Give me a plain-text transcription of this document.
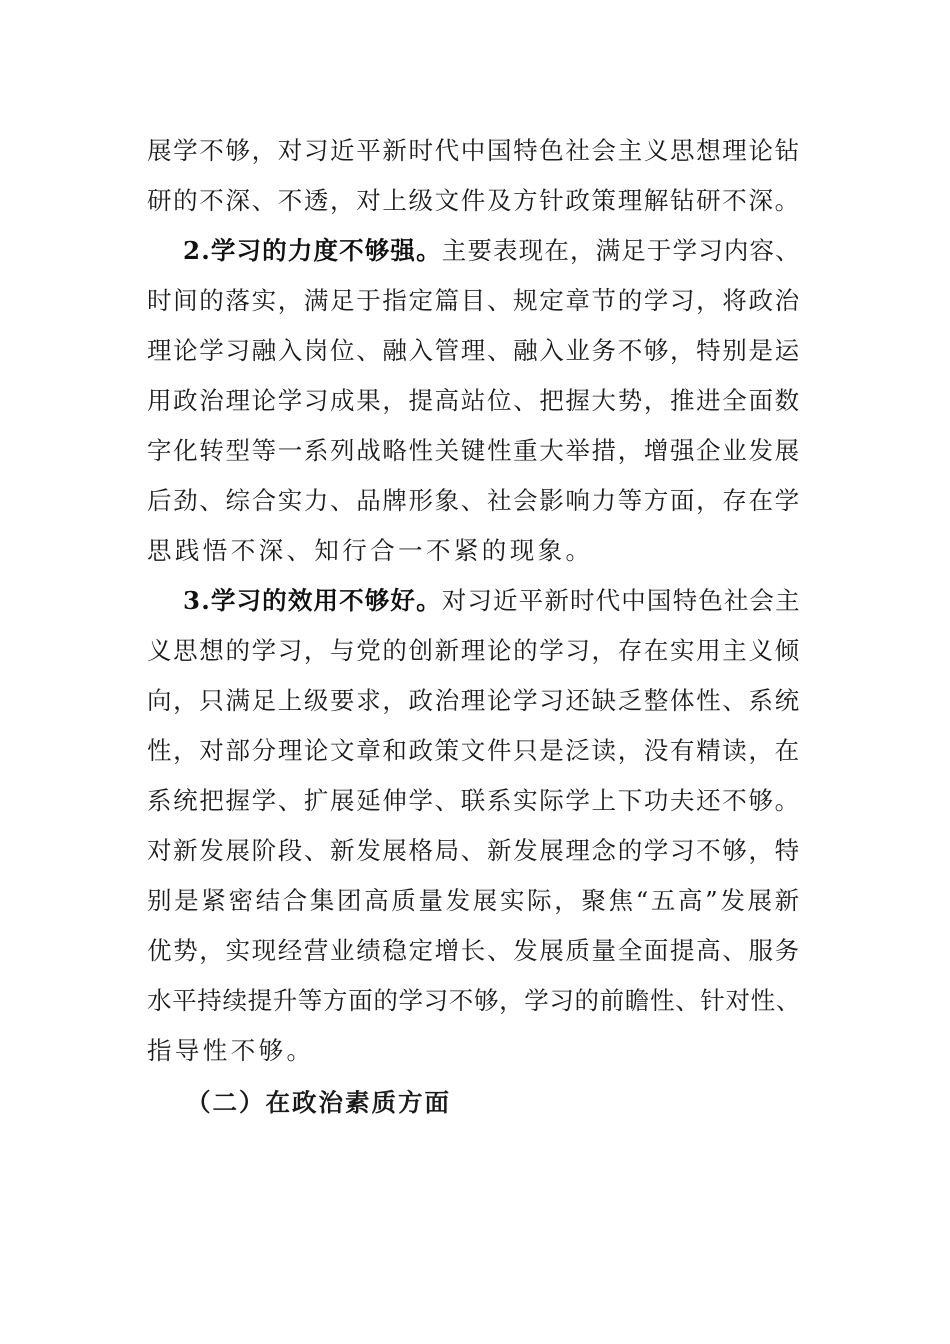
展学不够，对习近平新时代中国特色社会主义思想理论钻
研的不深、不透，对上级文件及方针政策理解钻研不深。
2.学习的力度不够强。主要表现在，满足于学习内容、
时间的落实，满足于指定篇目、规定章节的学习，将政治
理论学习融入岗位、融入管理、融入业务不够，特别是运
用政治理论学习成果，提高站位、把握大势，推进全面数
字化转型等一系列战略性关键性重大举措，增强企业发展
后劲、综合实力、品牌形象、社会影响力等方面，存在学
思践悟不深、知行合一不紧的现象。
3.学习的效用不够好。对习近平新时代中国特色社会主
义思想的学习，与党的创新理论的学习，存在实用主义倾
向，只满足上级要求，政治理论学习还缺乏整体性、系统
性，对部分理论文章和政策文件只是泛读，没有精读，在
系统把握学、扩展延伸学、联系实际学上下功夫还不够。
对新发展阶段、新发展格局、新发展理念的学习不够，特
别是紧密结合集团高质量发展实际，聚焦“五高”发展新
优势，实现经营业绩稳定增长、发展质量全面提高、服务
水平持续提升等方面的学习不够，学习的前瞻性、针对性、
指导性不够。
（二）在政治素质方面
